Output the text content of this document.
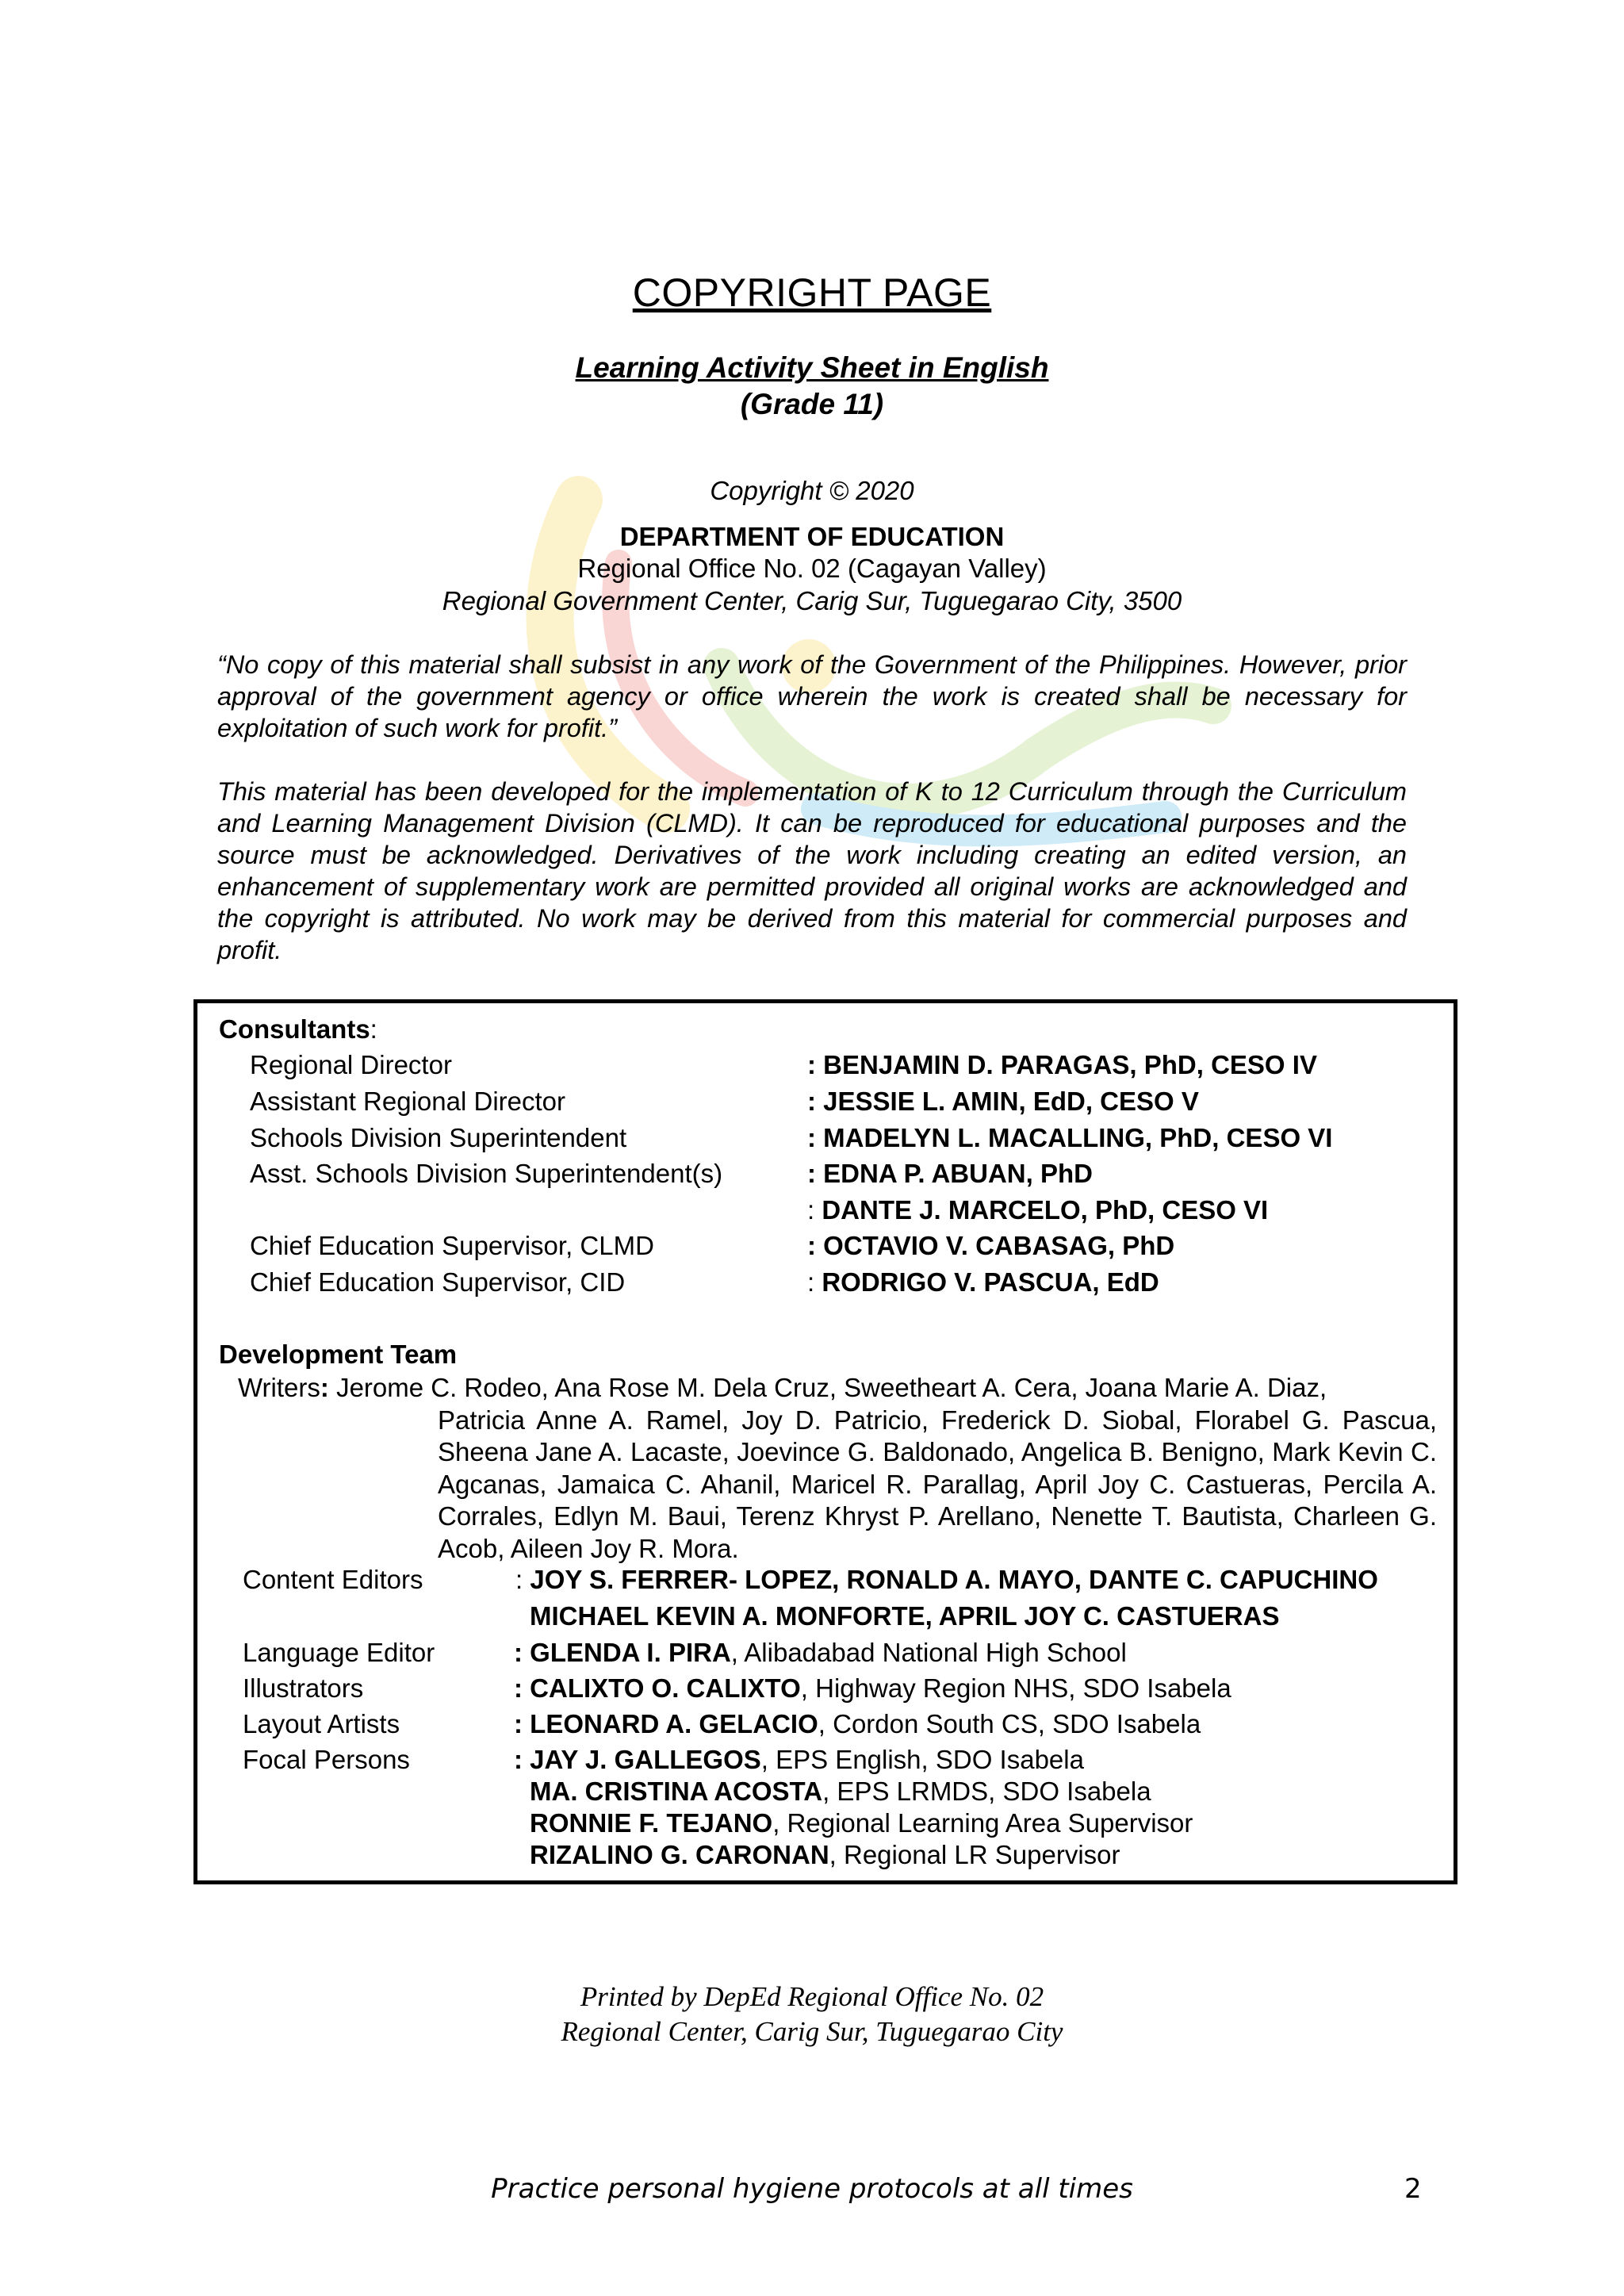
COPYRIGHT PAGE
Learning Activity Sheet in English
(Grade 11)
Copyright © 2020
DEPARTMENT OF EDUCATION
Regional Office No. 02 (Cagayan Valley)
Regional Government Center, Carig Sur, Tuguegarao City, 3500
“No copy of this material shall subsist in any work of the Government of the Philippines. However, prior approval of the government agency or office wherein the work is created shall be necessary for exploitation of such work for profit.”
This material has been developed for the implementation of K to 12 Curriculum through the Curriculum and Learning Management Division (CLMD). It can be reproduced for educational purposes and the source must be acknowledged. Derivatives of the work including creating an edited version, an enhancement of supplementary work are permitted provided all original works are acknowledged and the copyright is attributed. No work may be derived from this material for commercial purposes and profit.
Consultants:
Regional Director	: BENJAMIN D. PARAGAS, PhD, CESO IV
Assistant Regional Director	: JESSIE L. AMIN, EdD, CESO V
Schools Division Superintendent	: MADELYN L. MACALLING, PhD, CESO VI
Asst. Schools Division Superintendent(s)	: EDNA P. ABUAN, PhD
: DANTE J. MARCELO, PhD, CESO VI
Chief Education Supervisor, CLMD	: OCTAVIO V. CABASAG, PhD
Chief Education Supervisor, CID	: RODRIGO V. PASCUA, EdD
Development Team
Writers: Jerome C. Rodeo, Ana Rose M. Dela Cruz, Sweetheart A. Cera, Joana Marie A. Diaz,
Patricia Anne A. Ramel, Joy D. Patricio, Frederick D. Siobal, Florabel G. Pascua, Sheena Jane A. Lacaste, Joevince G. Baldonado, Angelica B. Benigno, Mark Kevin C. Agcanas, Jamaica C. Ahanil, Maricel R. Parallag, April Joy C. Castueras, Percila A. Corrales, Edlyn M. Baui, Terenz Khryst P. Arellano, Nenette T. Bautista, Charleen G. Acob, Aileen Joy R. Mora.
Content Editors	: JOY S. FERRER- LOPEZ, RONALD A. MAYO, DANTE C. CAPUCHINO
MICHAEL KEVIN A. MONFORTE, APRIL JOY C. CASTUERAS
Language Editor	: GLENDA I. PIRA, Alibadabad National High School
Illustrators	: CALIXTO O. CALIXTO, Highway Region NHS, SDO Isabela
Layout Artists	: LEONARD A. GELACIO, Cordon South CS, SDO Isabela
Focal Persons	: JAY J. GALLEGOS, EPS English, SDO Isabela
MA. CRISTINA ACOSTA, EPS LRMDS, SDO Isabela
RONNIE F. TEJANO, Regional Learning Area Supervisor
RIZALINO G. CARONAN, Regional LR Supervisor
Printed by DepEd Regional Office No. 02
Regional Center, Carig Sur, Tuguegarao City
Practice personal hygiene protocols at all times	2
